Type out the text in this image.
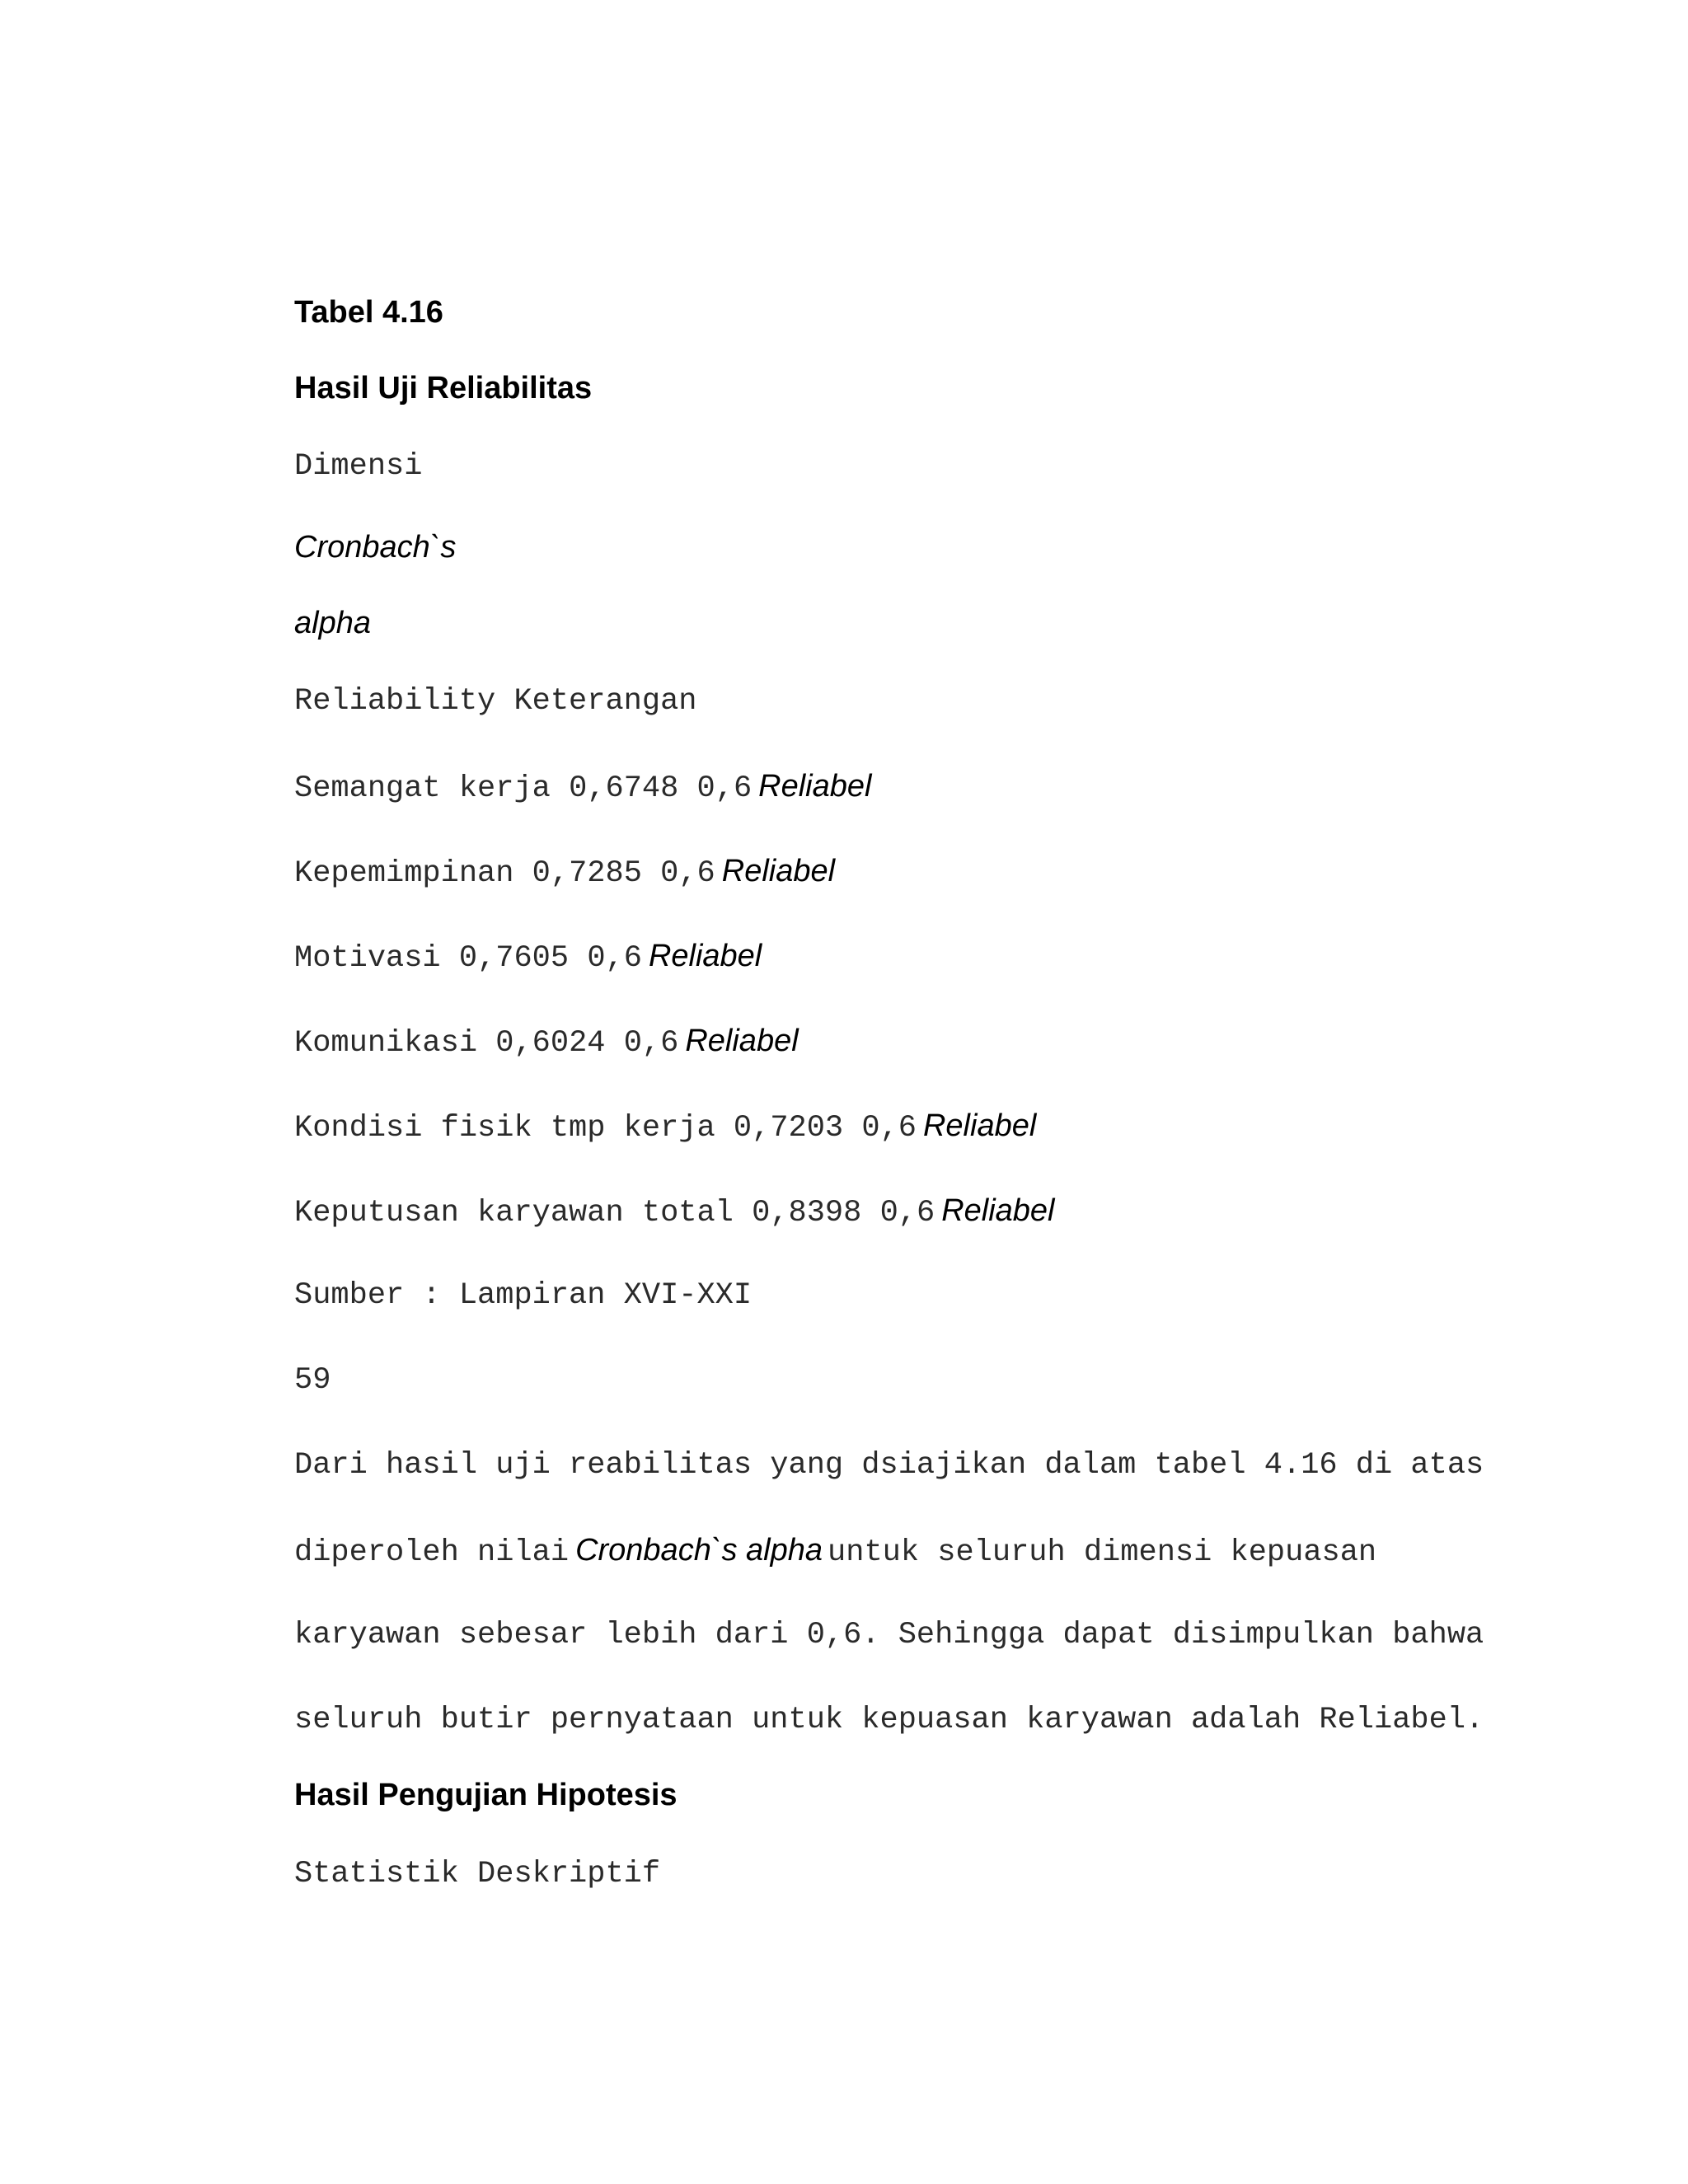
Tabel 4.16
Hasil Uji Reliabilitas
Dimensi
Cronbach`s
alpha
Reliability Keterangan
Semangat kerja 0,6748 0,6 Reliabel
Kepemimpinan 0,7285 0,6 Reliabel
Motivasi 0,7605 0,6 Reliabel
Komunikasi 0,6024 0,6 Reliabel
Kondisi fisik tmp kerja 0,7203 0,6 Reliabel
Keputusan karyawan total 0,8398 0,6 Reliabel
Sumber : Lampiran XVI-XXI
59
Dari hasil uji reabilitas yang dsiajikan dalam tabel 4.16 di atas
diperoleh nilai Cronbach`s alpha untuk seluruh dimensi kepuasan
karyawan sebesar lebih dari 0,6. Sehingga dapat disimpulkan bahwa
seluruh butir pernyataan untuk kepuasan karyawan adalah Reliabel.
Hasil Pengujian Hipotesis
Statistik Deskriptif
